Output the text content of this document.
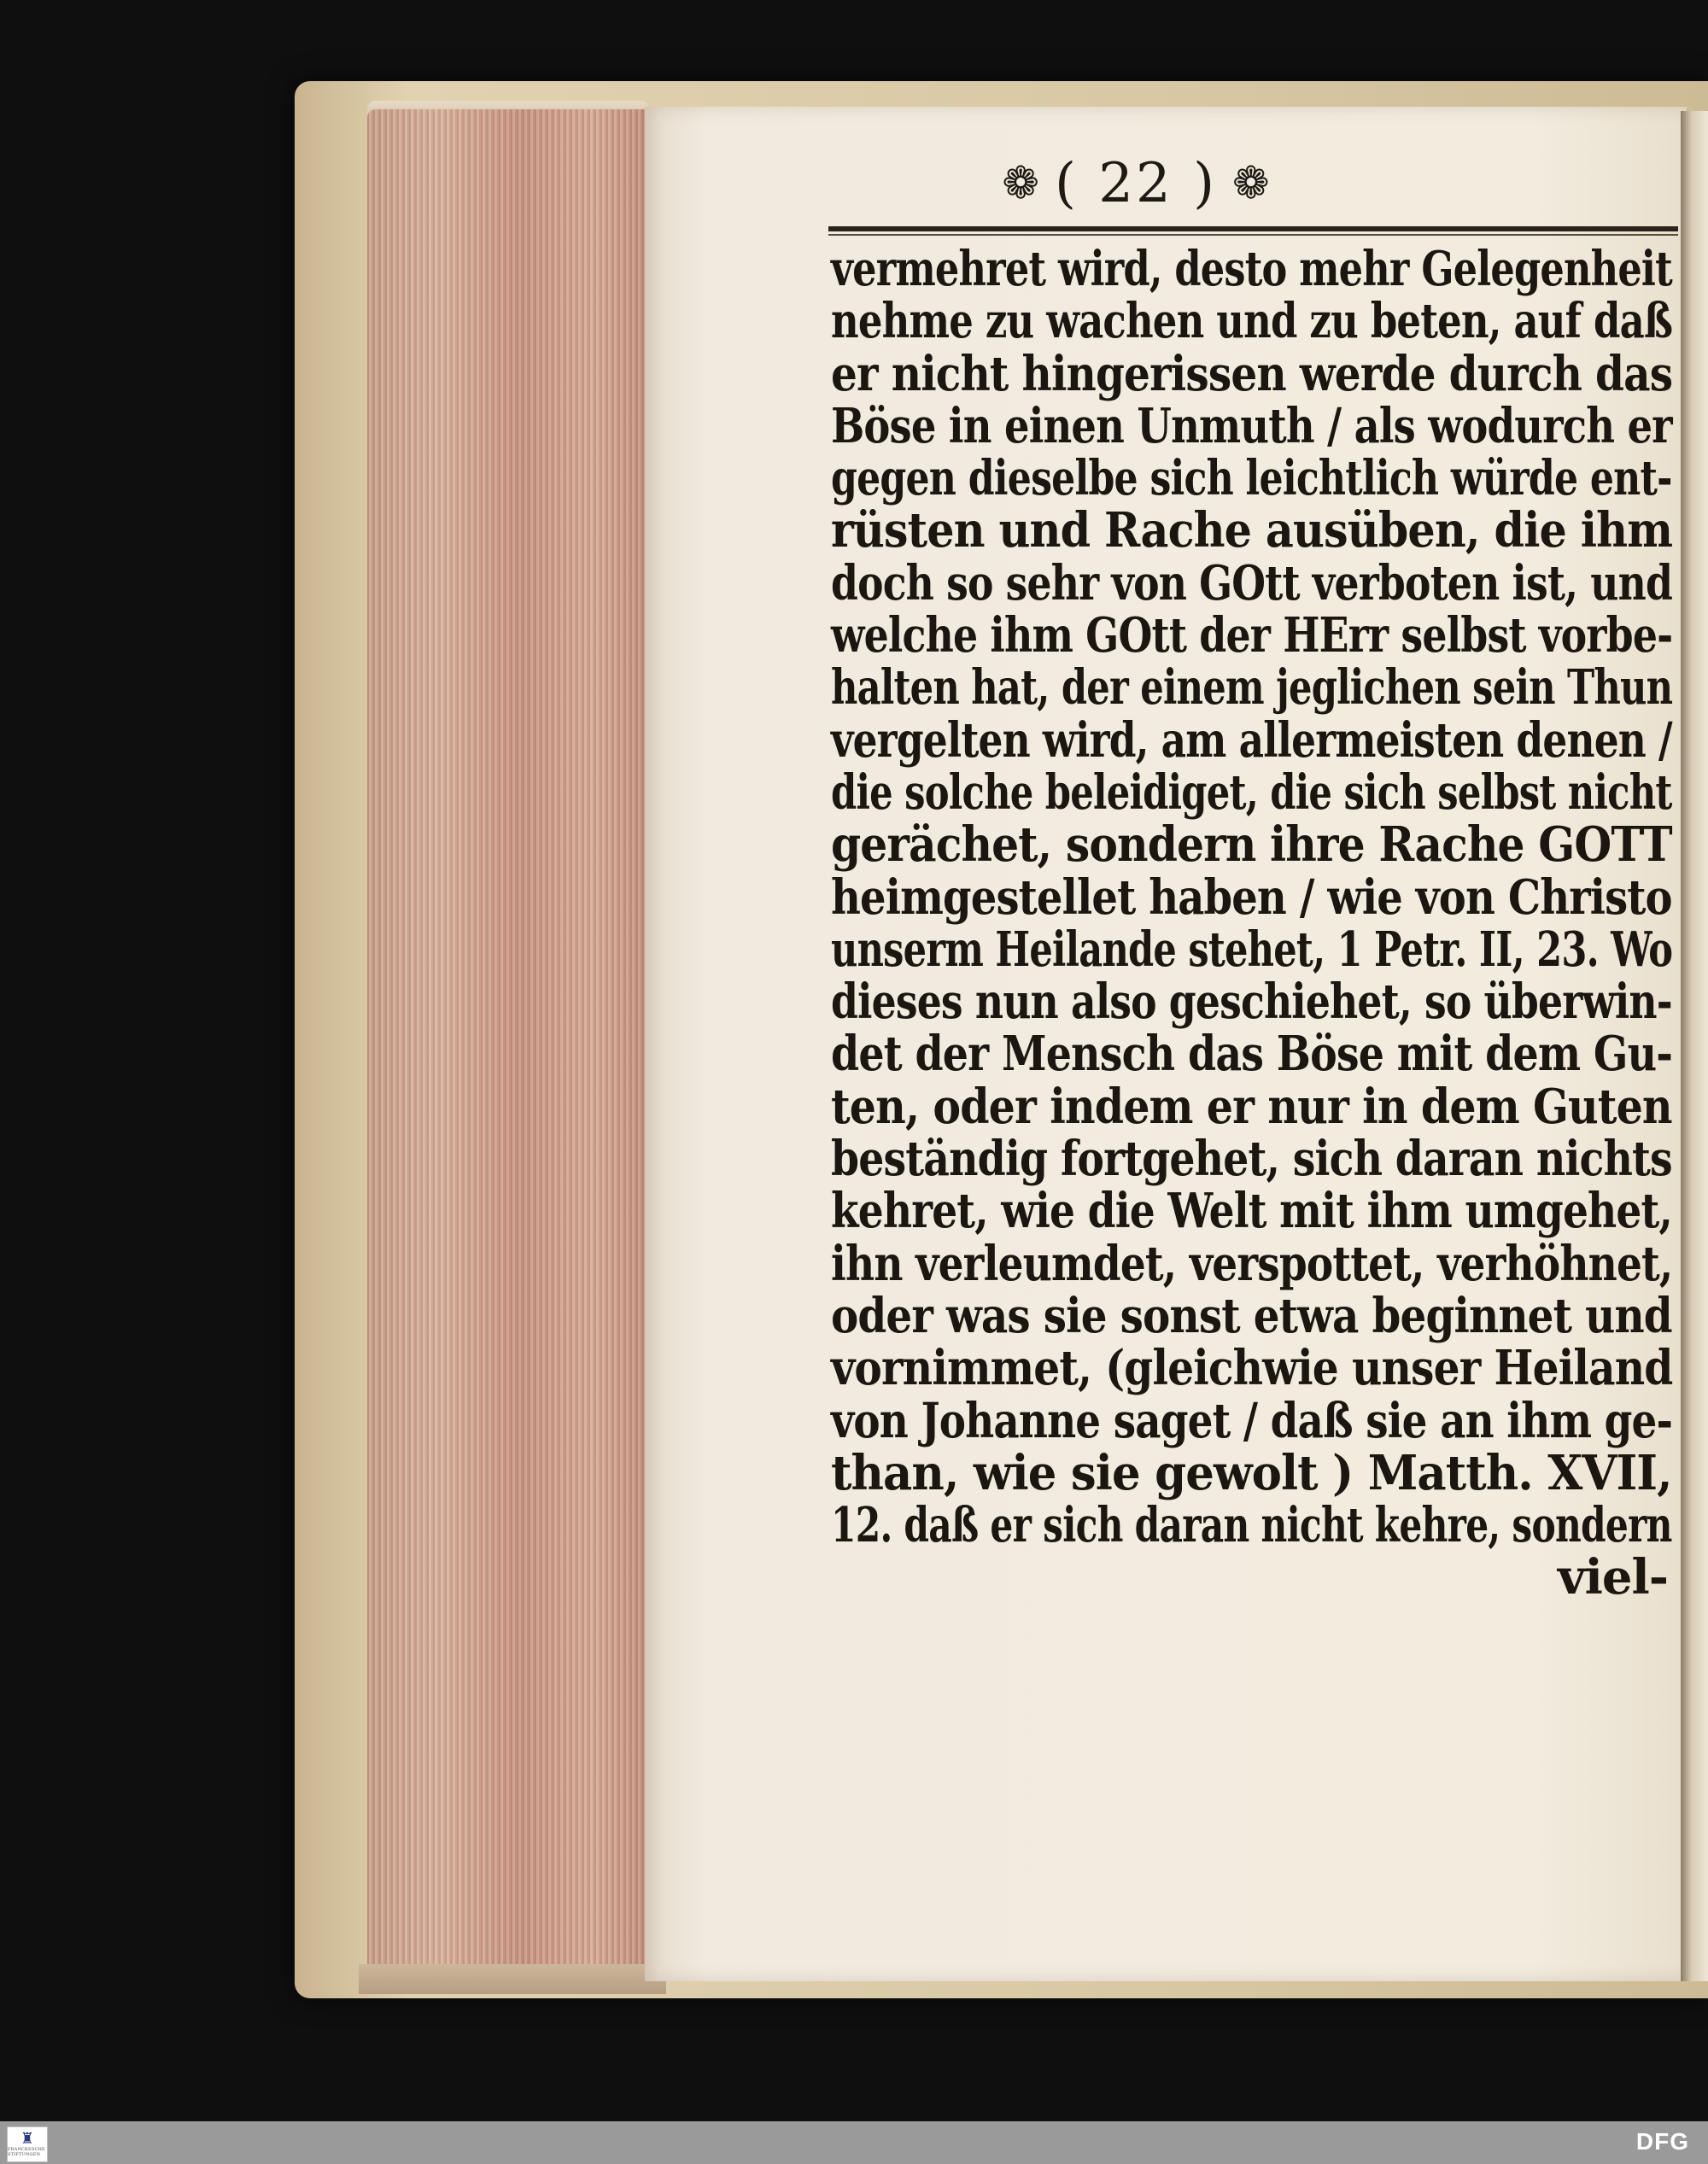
❁ ( 22 ) ❁
vermehret wird, desto mehr Gelegenheit
nehme zu wachen und zu beten, auf daß
er nicht hingerissen werde durch das
Böse in einen Unmuth / als wodurch er
gegen dieselbe sich leichtlich würde ent-
rüsten und Rache ausüben, die ihm
doch so sehr von GOtt verboten ist, und
welche ihm GOtt der HErr selbst vorbe-
halten hat, der einem jeglichen sein Thun
vergelten wird, am allermeisten denen /
die solche beleidiget, die sich selbst nicht
gerächet, sondern ihre Rache GOTT
heimgestellet haben / wie von Christo
unserm Heilande stehet, 1 Petr. II, 23. Wo
dieses nun also geschiehet, so überwin-
det der Mensch das Böse mit dem Gu-
ten, oder indem er nur in dem Guten
beständig fortgehet, sich daran nichts
kehret, wie die Welt mit ihm umgehet,
ihn verleumdet, verspottet, verhöhnet,
oder was sie sonst etwa beginnet und
vornimmet, (gleichwie unser Heiland
von Johanne saget / daß sie an ihm ge-
than, wie sie gewolt ) Matth. XVII,
12. daß er sich daran nicht kehre, sondern
viel-
♜
FRANCKESCHE STIFTUNGEN	DFG
